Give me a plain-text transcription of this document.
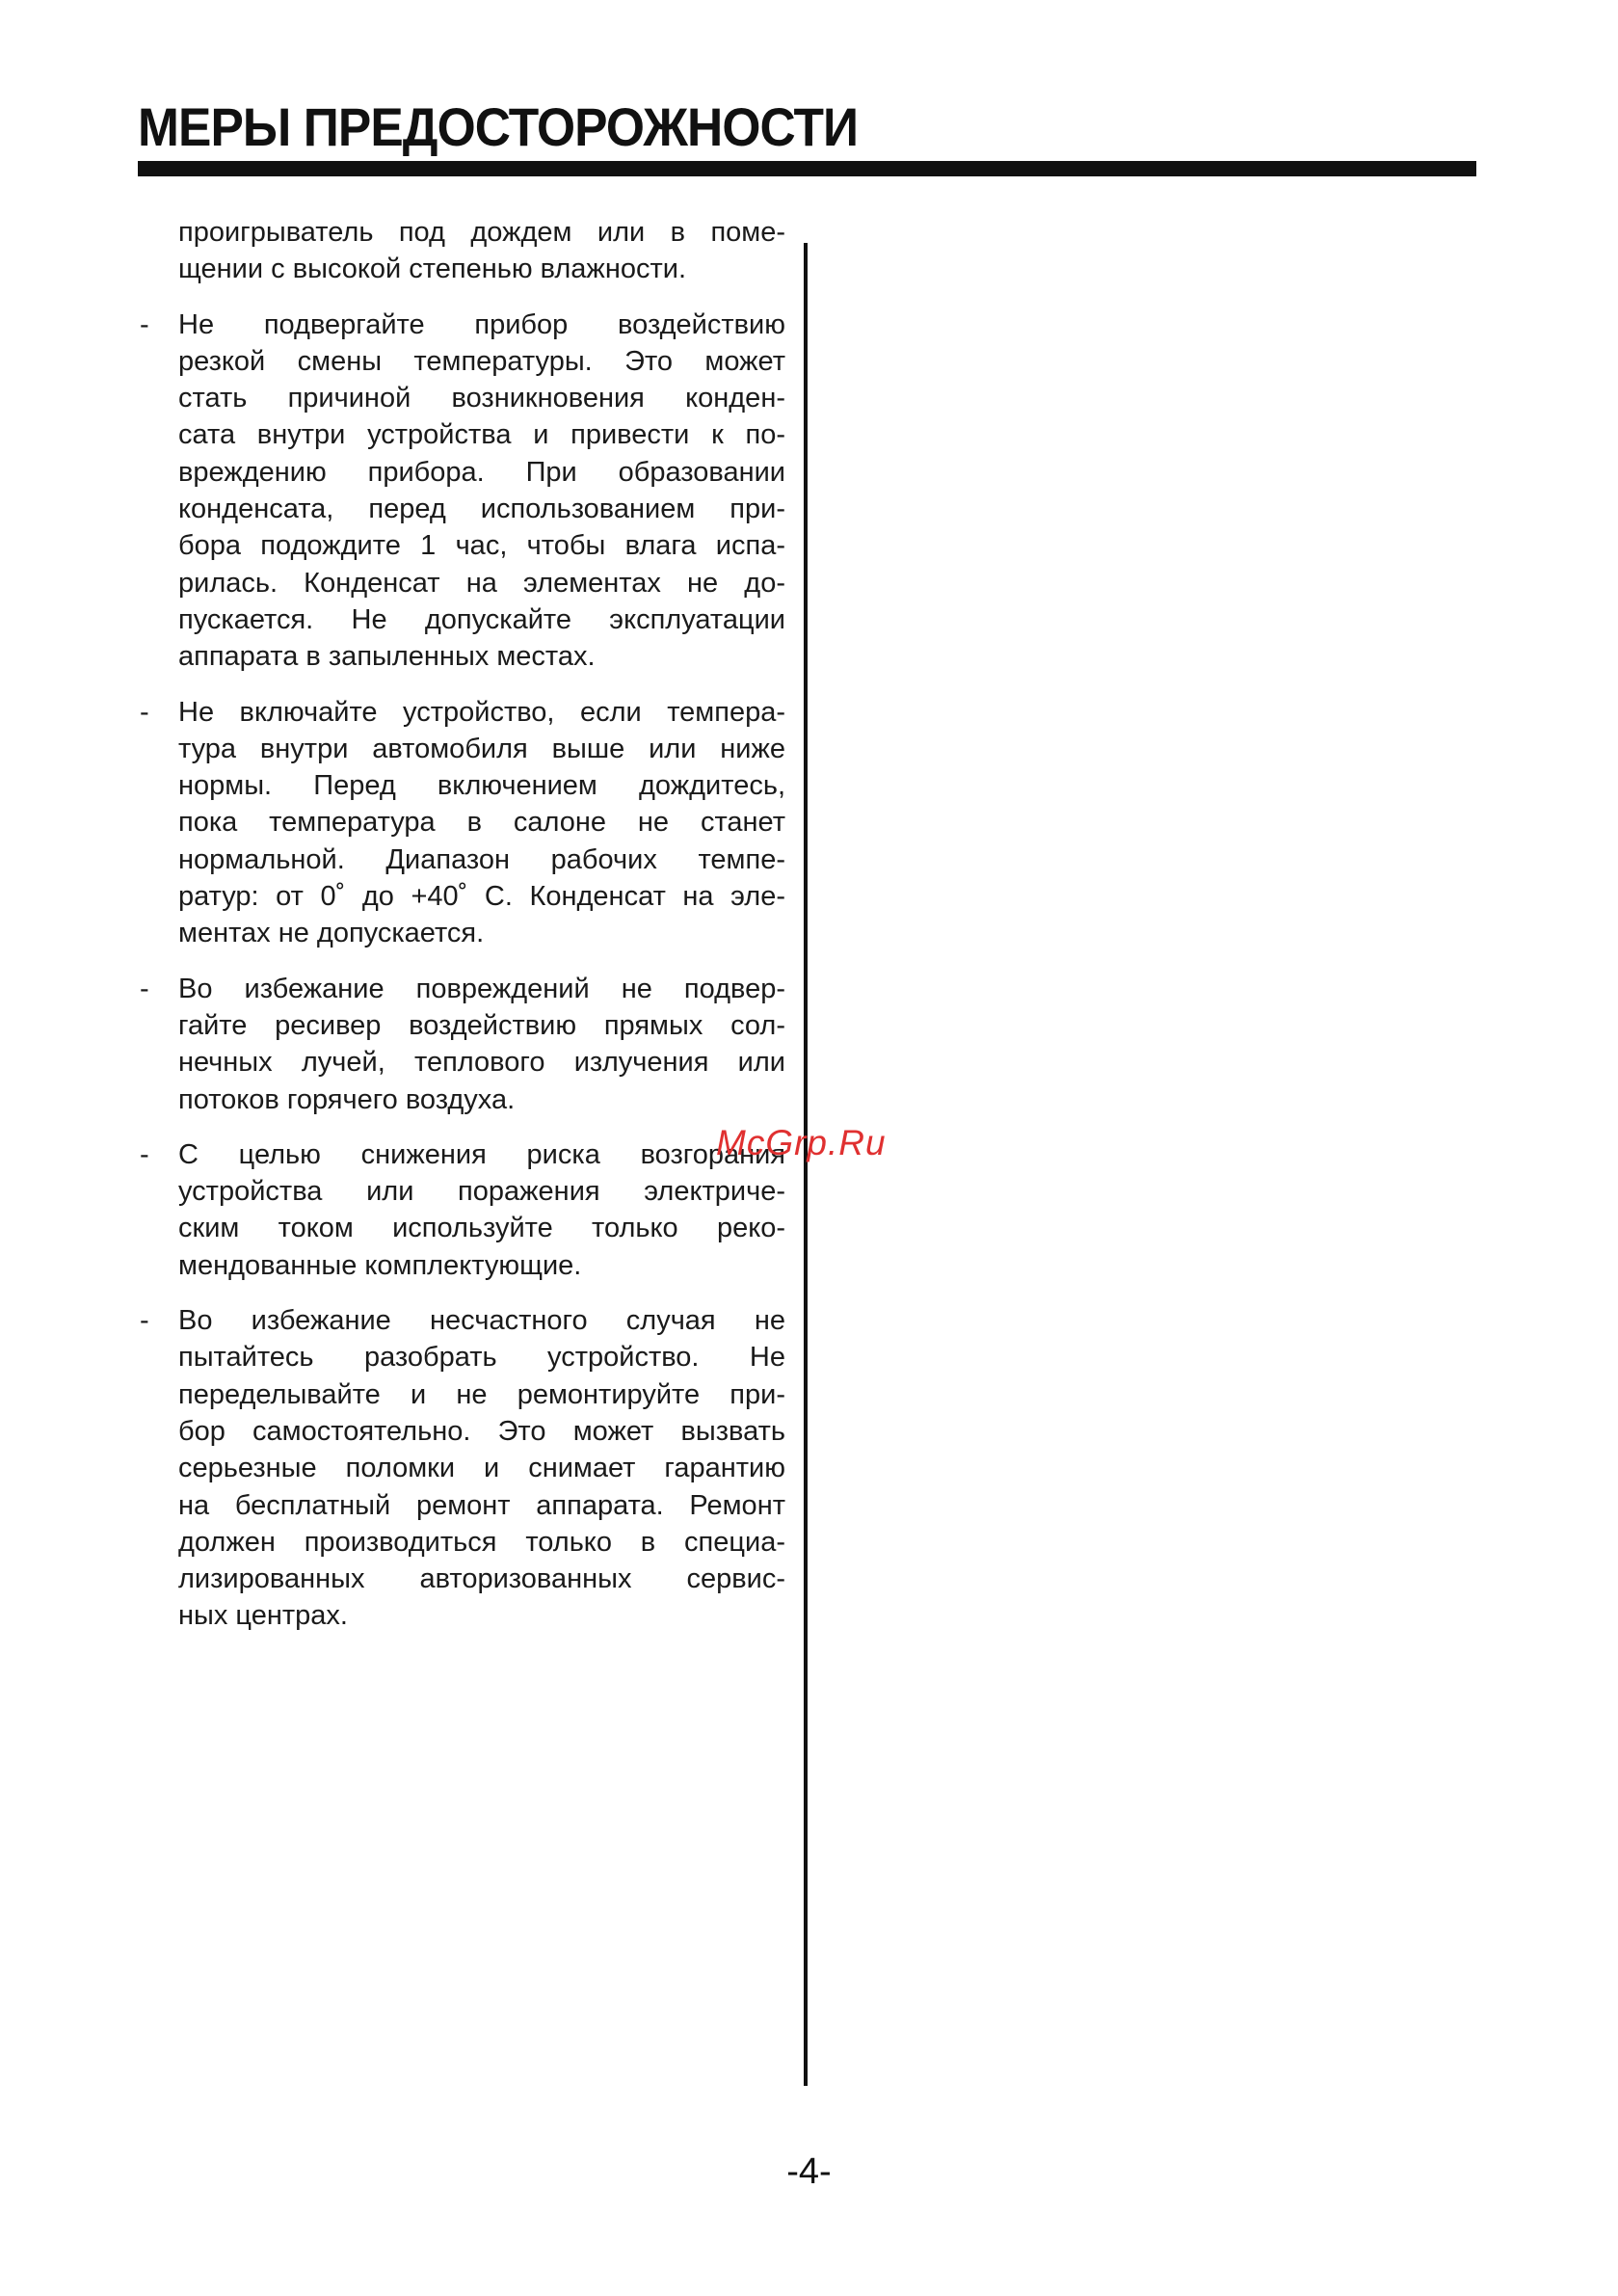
МЕРЫ ПРЕДОСТОРОЖНОСТИ
проигрыватель под дождем или в поме-
щении с высокой степенью влажности.
- Не подвергайте прибор воздействию
резкой смены температуры. Это может
стать причиной возникновения конден-
сата внутри устройства и привести к по-
вреждению прибора. При образовании
конденсата, перед использованием при-
бора подождите 1 час, чтобы влага испа-
рилась. Конденсат на элементах не до-
пускается. Не допускайте эксплуатации
аппарата в запыленных местах.
- Не включайте устройство, если темпера-
тура внутри автомобиля выше или ниже
нормы. Перед включением дождитесь,
пока температура в салоне не станет
нормальной. Диапазон рабочих темпе-
ратур: от 0˚ до +40˚ С. Конденсат на эле-
ментах не допускается.
- Во избежание повреждений не подвер-
гайте ресивер воздействию прямых сол-
нечных лучей, теплового излучения или
потоков горячего воздуха.
- С целью снижения риска возгорания
устройства или поражения электриче-
ским током используйте только реко-
мендованные комплектующие.
- Во избежание несчастного случая не
пытайтесь разобрать устройство. Не
переделывайте и не ремонтируйте при-
бор самостоятельно. Это может вызвать
серьезные поломки и снимает гарантию
на бесплатный ремонт аппарата. Ремонт
должен производиться только в специа-
лизированных авторизованных сервис-
ных центрах.
McGrp.Ru
-4-
